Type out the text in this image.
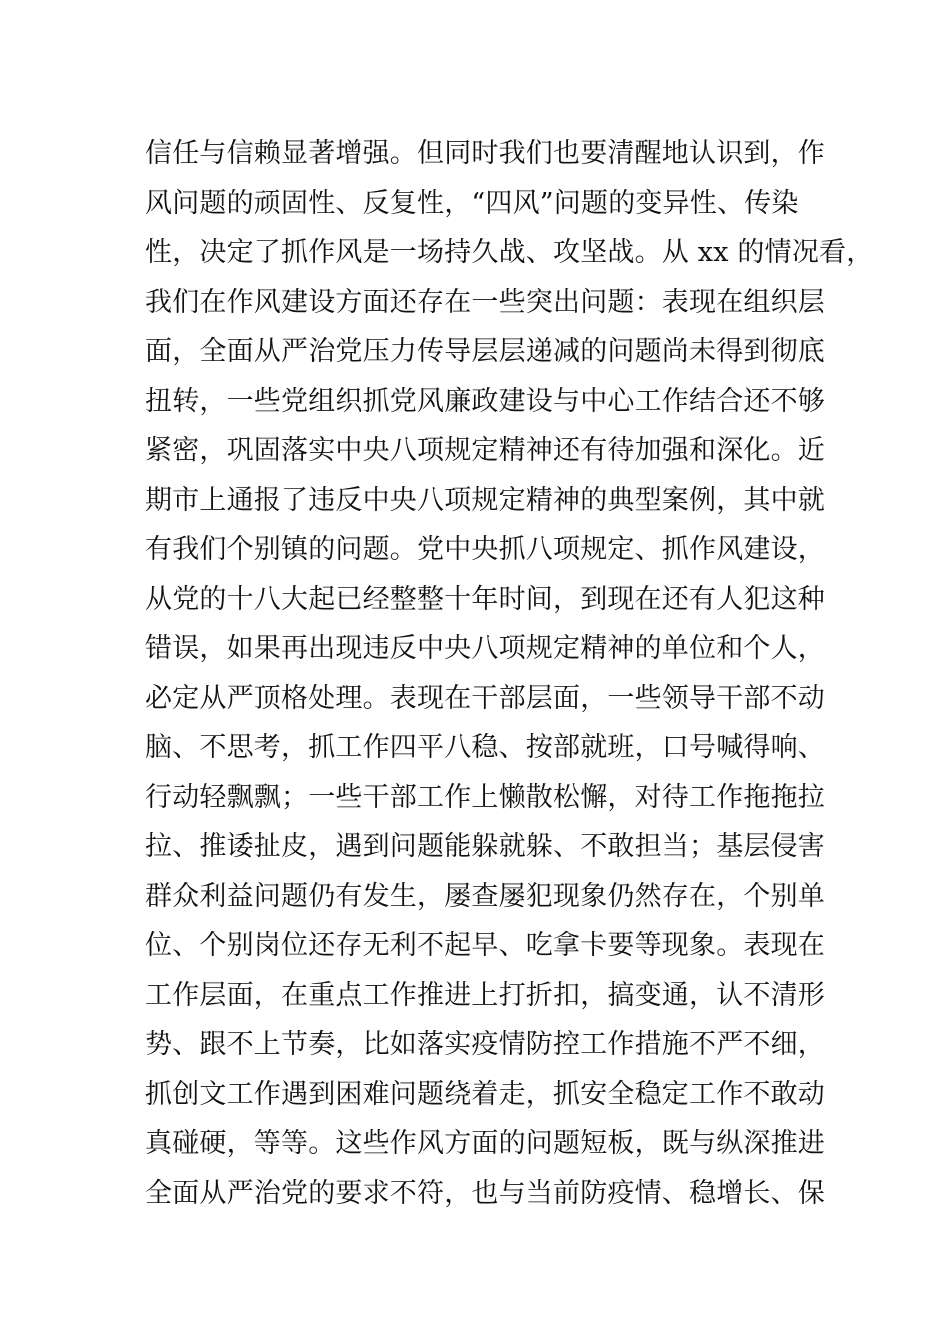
信任与信赖显著增强。但同时我们也要清醒地认识到，作
风问题的顽固性、反复性，“四风”问题的变异性、传染
性，决定了抓作风是一场持久战、攻坚战。从 xx 的情况看，
我们在作风建设方面还存在一些突出问题：表现在组织层
面，全面从严治党压力传导层层递减的问题尚未得到彻底
扭转，一些党组织抓党风廉政建设与中心工作结合还不够
紧密，巩固落实中央八项规定精神还有待加强和深化。近
期市上通报了违反中央八项规定精神的典型案例，其中就
有我们个别镇的问题。党中央抓八项规定、抓作风建设，
从党的十八大起已经整整十年时间，到现在还有人犯这种
错误，如果再出现违反中央八项规定精神的单位和个人，
必定从严顶格处理。表现在干部层面，一些领导干部不动
脑、不思考，抓工作四平八稳、按部就班，口号喊得响、
行动轻飘飘；一些干部工作上懒散松懈，对待工作拖拖拉
拉、推诿扯皮，遇到问题能躲就躲、不敢担当；基层侵害
群众利益问题仍有发生，屡查屡犯现象仍然存在，个别单
位、个别岗位还存无利不起早、吃拿卡要等现象。表现在
工作层面，在重点工作推进上打折扣，搞变通，认不清形
势、跟不上节奏，比如落实疫情防控工作措施不严不细，
抓创文工作遇到困难问题绕着走，抓安全稳定工作不敢动
真碰硬，等等。这些作风方面的问题短板，既与纵深推进
全面从严治党的要求不符，也与当前防疫情、稳增长、保
